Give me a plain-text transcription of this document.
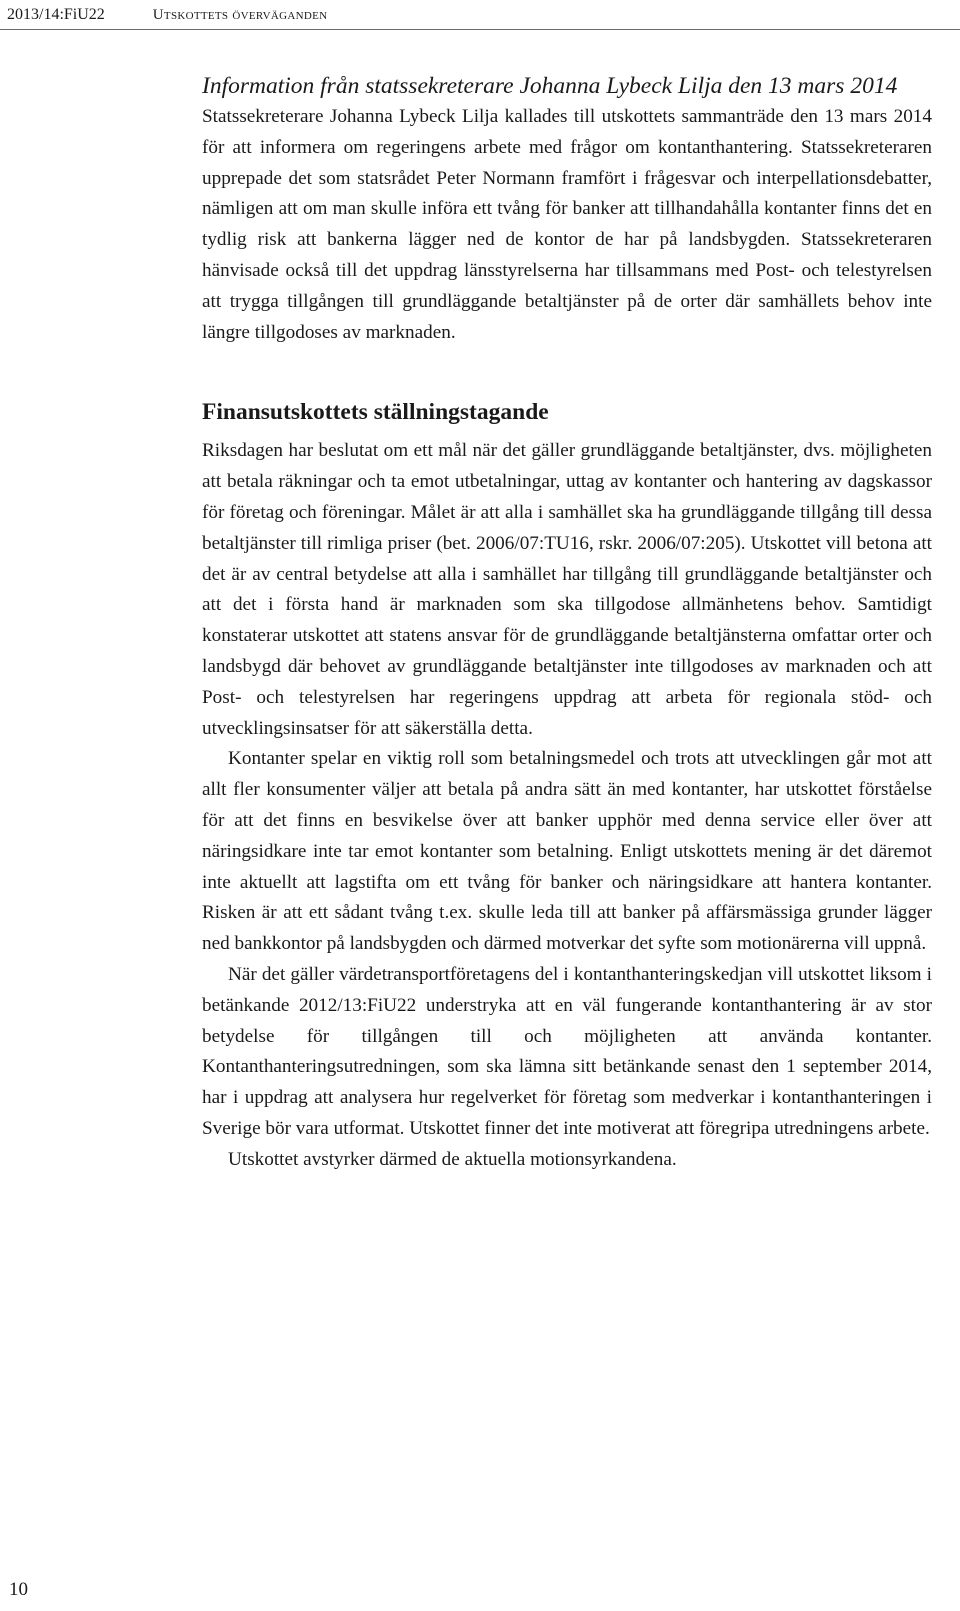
2013/14:FiU22	Utskottets överväganden
Information från statssekreterare Johanna Lybeck Lilja den 13 mars 2014

Statssekreterare Johanna Lybeck Lilja kallades till utskottets sammanträde den 13 mars 2014 för att informera om regeringens arbete med frågor om kontanthantering. Statssekreteraren upprepade det som statsrådet Peter Normann framfört i frågesvar och interpellationsdebatter, nämligen att om man skulle införa ett tvång för banker att tillhandahålla kontanter finns det en tydlig risk att bankerna lägger ned de kontor de har på landsbygden. Statssekreteraren hänvisade också till det uppdrag länsstyrelserna har tillsammans med Post- och telestyrelsen att trygga tillgången till grundläggande betaltjänster på de orter där samhällets behov inte längre tillgodoses av marknaden.

Finansutskottets ställningstagande

Riksdagen har beslutat om ett mål när det gäller grundläggande betaltjänster, dvs. möjligheten att betala räkningar och ta emot utbetalningar, uttag av kontanter och hantering av dagskassor för företag och föreningar. Målet är att alla i samhället ska ha grundläggande tillgång till dessa betaltjänster till rimliga priser (bet. 2006/07:TU16, rskr. 2006/07:205). Utskottet vill betona att det är av central betydelse att alla i samhället har tillgång till grundläggande betaltjänster och att det i första hand är marknaden som ska tillgodose allmänhetens behov. Samtidigt konstaterar utskottet att statens ansvar för de grundläggande betaltjänsterna omfattar orter och landsbygd där behovet av grundläggande betaltjänster inte tillgodoses av marknaden och att Post- och telestyrelsen har regeringens uppdrag att arbeta för regionala stöd- och utvecklingsinsatser för att säkerställa detta.

Kontanter spelar en viktig roll som betalningsmedel och trots att utvecklingen går mot att allt fler konsumenter väljer att betala på andra sätt än med kontanter, har utskottet förståelse för att det finns en besvikelse över att banker upphör med denna service eller över att näringsidkare inte tar emot kontanter som betalning. Enligt utskottets mening är det däremot inte aktuellt att lagstifta om ett tvång för banker och näringsidkare att hantera kontanter. Risken är att ett sådant tvång t.ex. skulle leda till att banker på affärsmässiga grunder lägger ned bankkontor på landsbygden och därmed motverkar det syfte som motionärerna vill uppnå.

När det gäller värdetransportföretagens del i kontanthanteringskedjan vill utskottet liksom i betänkande 2012/13:FiU22 understryka att en väl fungerande kontanthantering är av stor betydelse för tillgången till och möjligheten att använda kontanter. Kontanthanteringsutredningen, som ska lämna sitt betänkande senast den 1 september 2014, har i uppdrag att analysera hur regelverket för företag som medverkar i kontanthanteringen i Sverige bör vara utformat. Utskottet finner det inte motiverat att föregripa utredningens arbete.

Utskottet avstyrker därmed de aktuella motionsyrkandena.

10
